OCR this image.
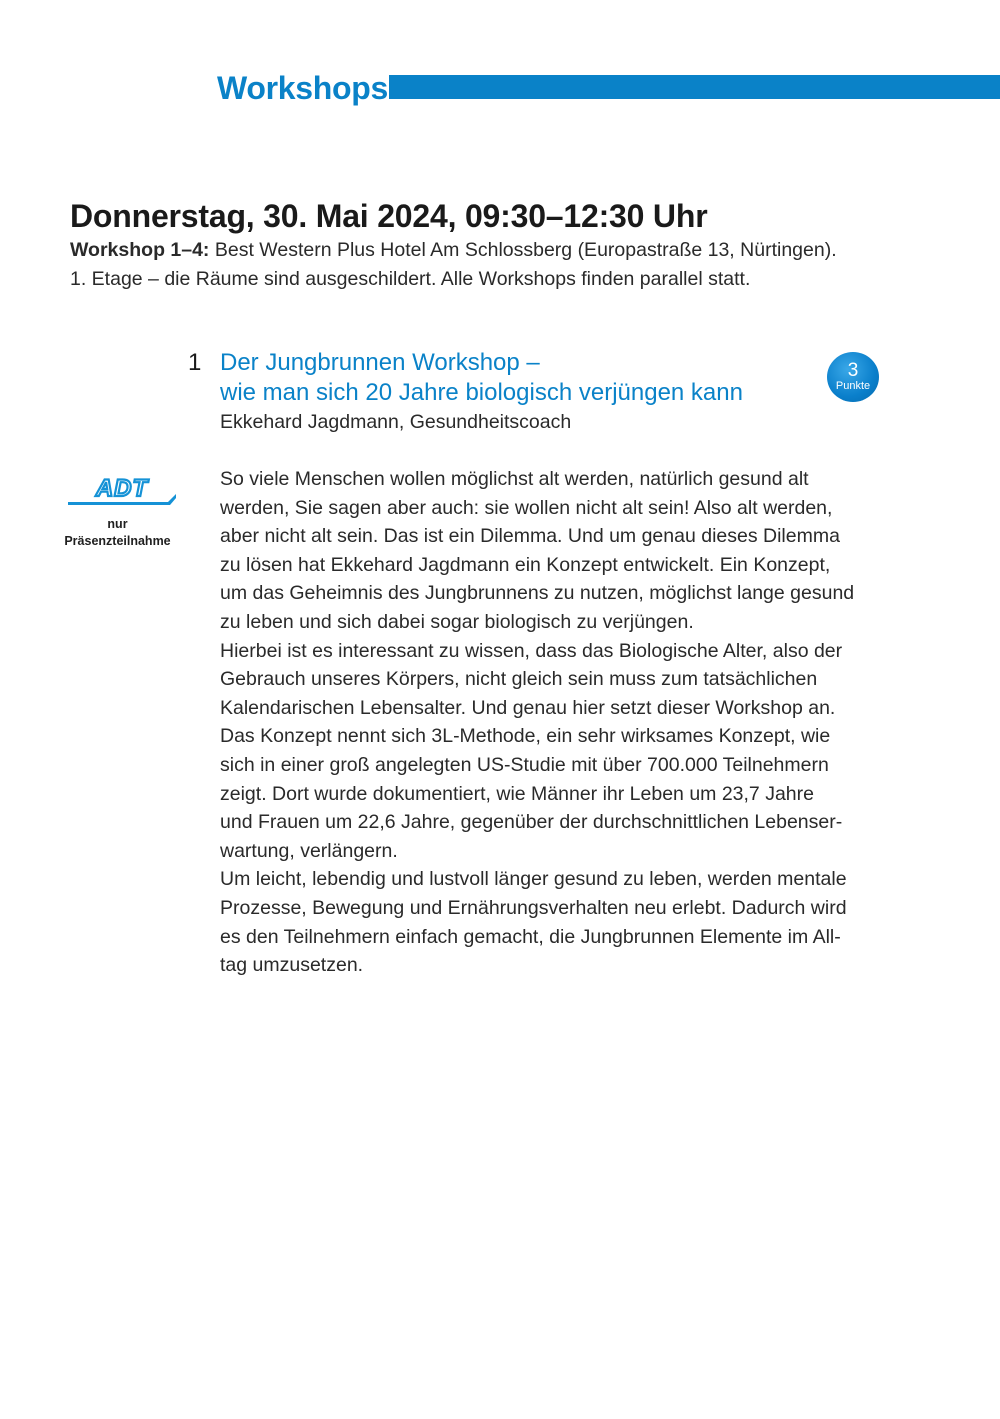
Workshops
Donnerstag, 30. Mai 2024, 09:30–12:30 Uhr
Workshop 1–4: Best Western Plus Hotel Am Schlossberg (Europastraße 13, Nürtingen).
1. Etage – die Räume sind ausgeschildert. Alle Workshops finden parallel statt.
1 Der Jungbrunnen Workshop –
wie man sich 20 Jahre biologisch verjüngen kann
Ekkehard Jagdmann, Gesundheitscoach
3
Punkte
ADT
nur
Präsenzteilnahme
So viele Menschen wollen möglichst alt werden, natürlich gesund alt
werden, Sie sagen aber auch: sie wollen nicht alt sein! Also alt werden,
aber nicht alt sein. Das ist ein Dilemma. Und um genau dieses Dilemma
zu lösen hat Ekkehard Jagdmann ein Konzept entwickelt. Ein Konzept,
um das Geheimnis des Jungbrunnens zu nutzen, möglichst lange gesund
zu leben und sich dabei sogar biologisch zu verjüngen.
Hierbei ist es interessant zu wissen, dass das Biologische Alter, also der
Gebrauch unseres Körpers, nicht gleich sein muss zum tatsächlichen
Kalendarischen Lebensalter. Und genau hier setzt dieser Workshop an.
Das Konzept nennt sich 3L-Methode, ein sehr wirksames Konzept, wie
sich in einer groß angelegten US-Studie mit über 700.000 Teilnehmern
zeigt. Dort wurde dokumentiert, wie Männer ihr Leben um 23,7 Jahre
und Frauen um 22,6 Jahre, gegenüber der durchschnittlichen Lebenser-
wartung, verlängern.
Um leicht, lebendig und lustvoll länger gesund zu leben, werden mentale
Prozesse, Bewegung und Ernährungsverhalten neu erlebt. Dadurch wird
es den Teilnehmern einfach gemacht, die Jungbrunnen Elemente im All-
tag umzusetzen.
